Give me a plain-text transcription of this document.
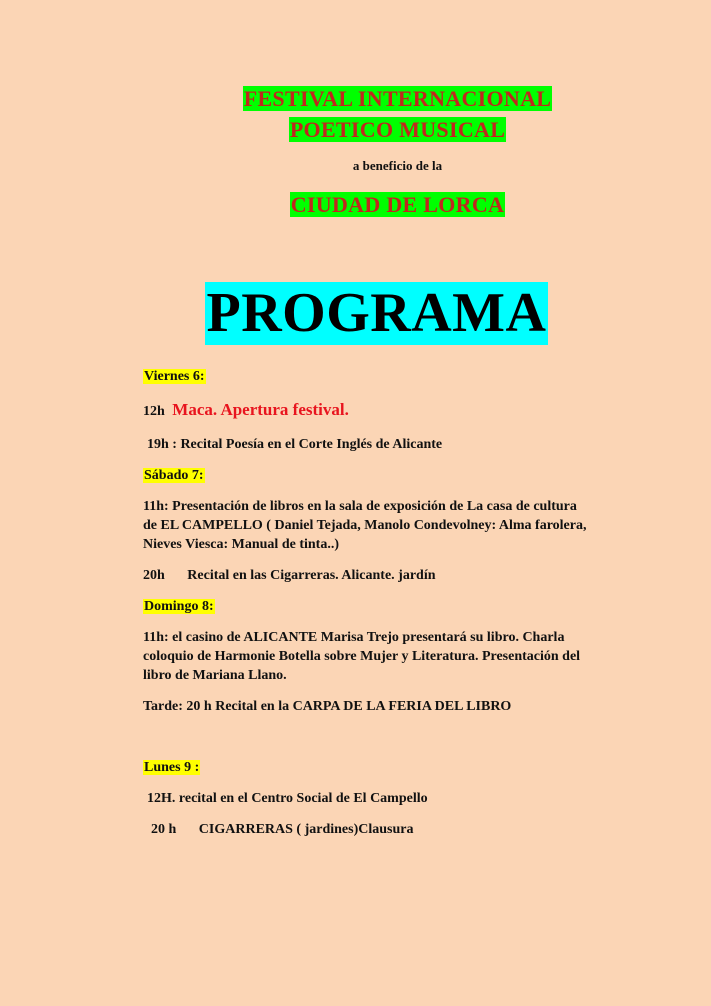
FESTIVAL INTERNACIONAL
POETICO MUSICAL
a beneficio de la
CIUDAD DE LORCA
PROGRAMA
Viernes 6:
12h Maca. Apertura festival.
19h : Recital Poesía en el Corte Inglés de Alicante
Sábado 7:
11h: Presentación de libros en la sala de exposición de La casa de cultura
de EL CAMPELLO ( Daniel Tejada, Manolo Condevolney: Alma farolera,
Nieves Viesca: Manual de tinta..)
20h Recital en las Cigarreras. Alicante. jardín
Domingo 8:
11h: el casino de ALICANTE Marisa Trejo presentará su libro. Charla
coloquio de Harmonie Botella sobre Mujer y Literatura. Presentación del
libro de Mariana Llano.
Tarde: 20 h Recital en la CARPA DE LA FERIA DEL LIBRO
Lunes 9 :
12H. recital en el Centro Social de El Campello
20 h CIGARRERAS ( jardines)Clausura
